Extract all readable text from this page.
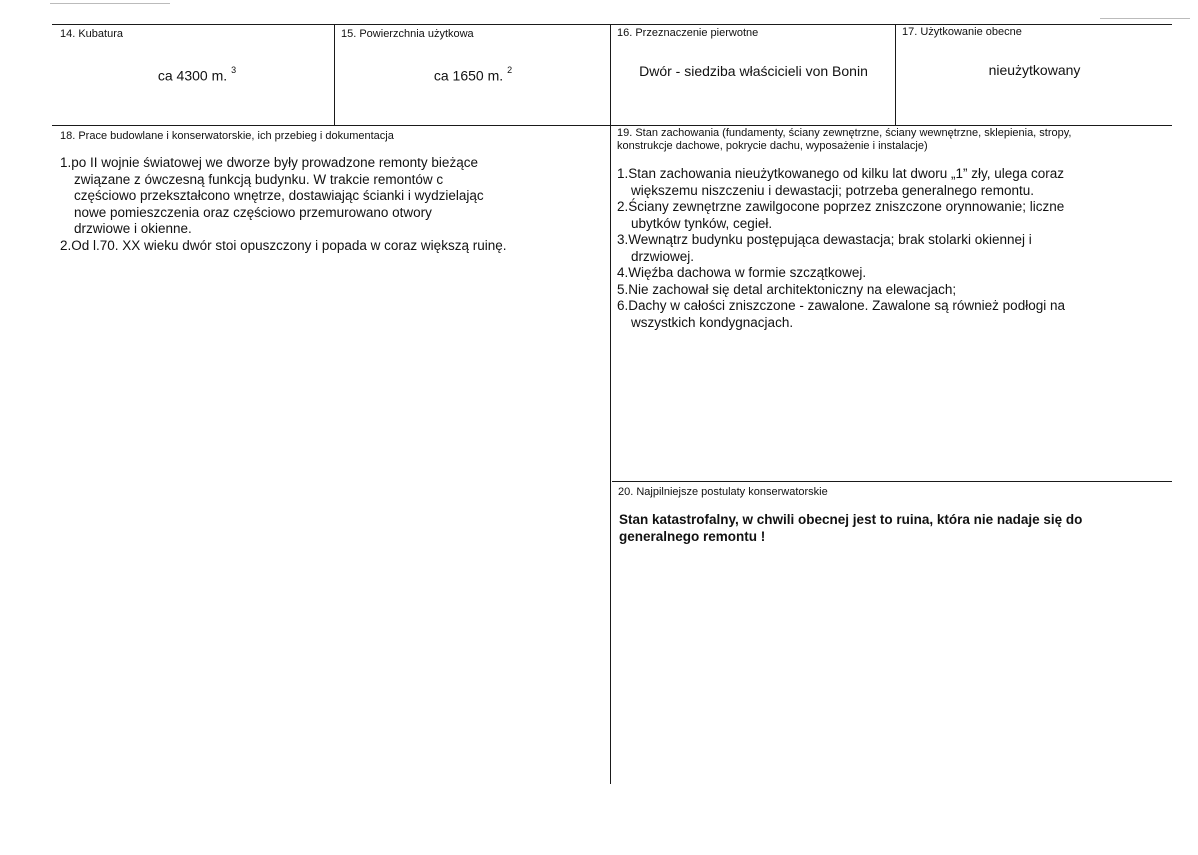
14. Kubatura
ca 4300 m. $^3$
15. Powierzchnia użytkowa
ca 1650 m. $^2$
16. Przeznaczenie pierwotne
Dwór - siedziba właścicieli von Bonin
17. Użytkowanie obecne
nieużytkowany
18. Prace budowlane i konserwatorskie, ich przebieg i dokumentacja
1.po II wojnie światowej we dworze były prowadzone remonty bieżące
związane z ówczesną funkcją budynku. W trakcie remontów c
częściowo przekształcono wnętrze, dostawiając ścianki i wydzielając
nowe pomieszczenia oraz częściowo przemurowano otwory
drzwiowe i okienne.
2.Od l.70. XX wieku dwór stoi opuszczony i popada w coraz większą ruinę.
19. Stan zachowania (fundamenty, ściany zewnętrzne, ściany wewnętrzne, sklepienia, stropy,
konstrukcje dachowe, pokrycie dachu, wyposażenie i instalacje)
1.Stan zachowania nieużytkowanego od kilku lat dworu „1” zły, ulega coraz
większemu niszczeniu i dewastacji; potrzeba generalnego remontu.
2.Ściany zewnętrzne zawilgocone poprzez zniszczone orynnowanie; liczne
ubytków tynków, cegieł.
3.Wewnątrz budynku postępująca dewastacja; brak stolarki okiennej i
drzwiowej.
4.Więźba dachowa w formie szczątkowej.
5.Nie zachował się detal architektoniczny na elewacjach;
6.Dachy w całości zniszczone - zawalone. Zawalone są również podłogi na
wszystkich kondygnacjach.
20. Najpilniejsze postulaty konserwatorskie
Stan katastrofalny, w chwili obecnej jest to ruina, która nie nadaje się do
generalnego remontu !
